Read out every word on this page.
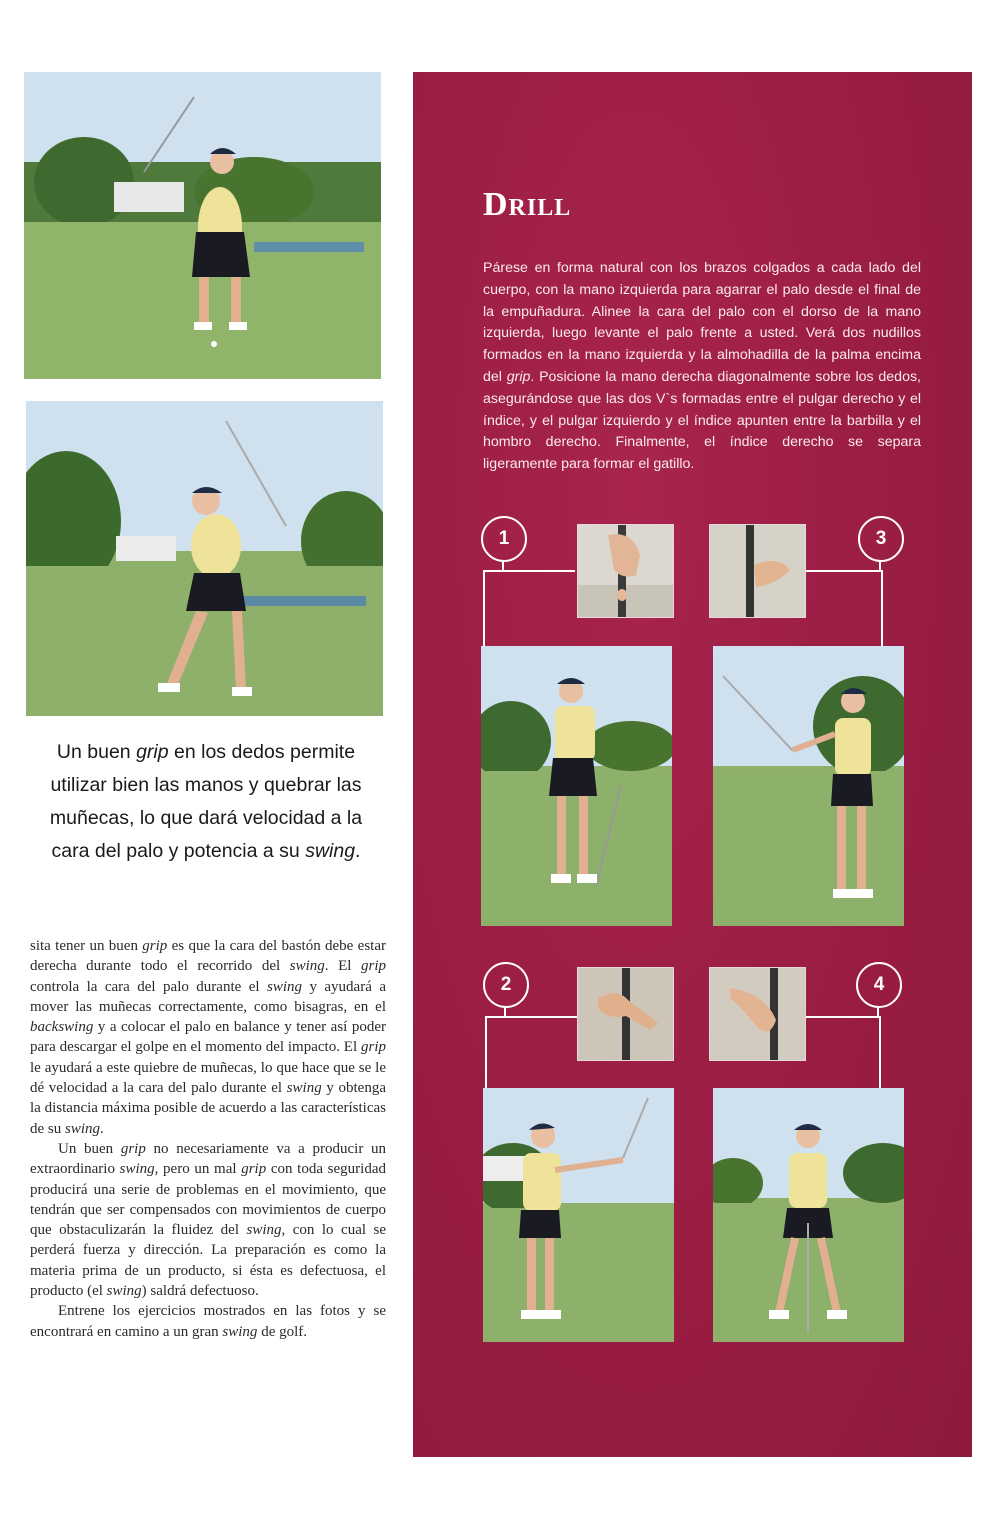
Un buen grip en los dedos permite utilizar bien las manos y quebrar las muñecas, lo que dará velocidad a la cara del palo y potencia a su swing.

sita tener un buen grip es que la cara del bastón debe estar derecha durante todo el recorrido del swing. El grip controla la cara del palo durante el swing y ayudará a mover las muñecas correctamente, como bisagras, en el backswing y a colocar el palo en balance y tener así poder para descargar el golpe en el momento del impacto. El grip le ayudará a este quiebre de muñecas, lo que hace que se le dé velocidad a la cara del palo durante el swing y obtenga la distancia máxima posible de acuerdo a las características de su swing.

Un buen grip no necesariamente va a producir un extraordinario swing, pero un mal grip con toda seguridad producirá una serie de problemas en el movimiento, que tendrán que ser compensados con movimientos de cuerpo que obstaculizarán la fluidez del swing, con lo cual se perderá fuerza y dirección. La preparación es como la materia prima de un producto, si ésta es defectuosa, el producto (el swing) saldrá defectuoso.

Entrene los ejercicios mostrados en las fotos y se encontrará en camino a un gran swing de golf.

Drill
Párese en forma natural con los brazos colgados a cada lado del cuerpo, con la mano izquierda para agarrar el palo desde el final de la empuñadura. Alinee la cara del palo con el dorso de la mano izquierda, luego levante el palo frente a usted. Verá dos nudillos formados en la mano izquierda y la almohadilla de la palma encima del grip. Posicione la mano derecha diagonalmente sobre los dedos, asegurándose que las dos V`s formadas entre el pulgar derecho y el índice, y el pulgar izquierdo y el índice apunten entre la barbilla y el hombro derecho. Finalmente, el índice derecho se separa ligeramente para formar el gatillo.
1	3
2	4
